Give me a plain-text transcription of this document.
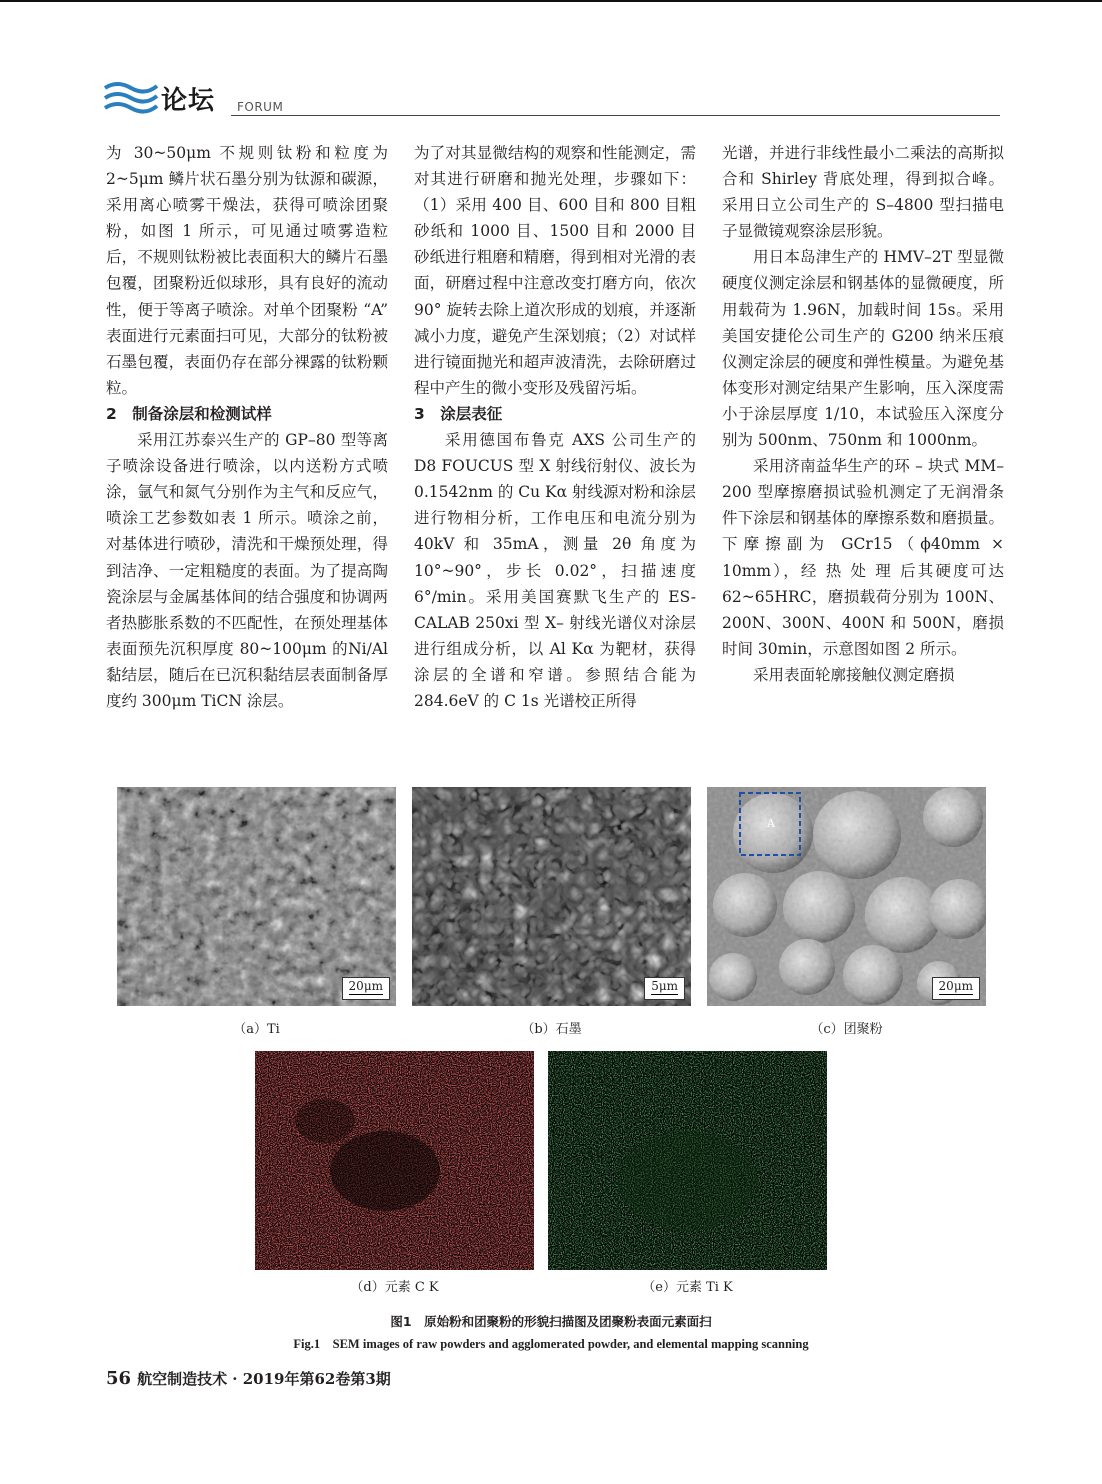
论坛 FORUM

为 30~50μm 不规则钛粉和粒度为2~5μm 鳞片状石墨分别为钛源和碳源，采用离心喷雾干燥法，获得可喷涂团聚粉，如图 1 所示，可见通过喷雾造粒后，不规则钛粉被比表面积大的鳞片石墨包覆，团聚粉近似球形，具有良好的流动性，便于等离子喷涂。对单个团聚粉 “A” 表面进行元素面扫可见，大部分的钛粉被石墨包覆，表面仍存在部分裸露的钛粉颗粒。

2　制备涂层和检测试样

采用江苏泰兴生产的 GP–80 型等离子喷涂设备进行喷涂，以内送粉方式喷涂，氩气和氮气分别作为主气和反应气，喷涂工艺参数如表 1 所示。喷涂之前，对基体进行喷砂，清洗和干燥预处理，得到洁净、一定粗糙度的表面。为了提高陶瓷涂层与金属基体间的结合强度和协调两者热膨胀系数的不匹配性，在预处理基体表面预先沉积厚度 80~100μm 的Ni/Al 黏结层，随后在已沉积黏结层表面制备厚度约 300μm TiCN 涂层。

为了对其显微结构的观察和性能测定，需对其进行研磨和抛光处理，步骤如下：（1）采用 400 目、600 目和 800 目粗砂纸和 1000 目、1500 目和 2000 目砂纸进行粗磨和精磨，得到相对光滑的表面，研磨过程中注意改变打磨方向，依次 90° 旋转去除上道次形成的划痕，并逐渐减小力度，避免产生深划痕；（2）对试样进行镜面抛光和超声波清洗，去除研磨过程中产生的微小变形及残留污垢。

3　涂层表征

采用德国布鲁克 AXS 公司生产的 D8 FOUCUS 型 X 射线衍射仪、波长为 0.1542nm 的 Cu Kα 射线源对粉和涂层进行物相分析，工作电压和电流分别为 40kV 和 35mA，测量 2θ 角度为 10°~90°，步长 0.02°，扫描速度 6°/min。采用美国赛默飞生产的 ES-CALAB 250xi 型 X– 射线光谱仪对涂层进行组成分析，以 Al Kα 为靶材，获得涂层的全谱和窄谱。参照结合能为 284.6eV 的 C 1s 光谱校正所得

光谱，并进行非线性最小二乘法的高斯拟合和 Shirley 背底处理，得到拟合峰。采用日立公司生产的 S–4800 型扫描电子显微镜观察涂层形貌。

用日本岛津生产的 HMV–2T 型显微硬度仪测定涂层和钢基体的显微硬度，所用载荷为 1.96N，加载时间 15s。采用美国安捷伦公司生产的 G200 纳米压痕仪测定涂层的硬度和弹性模量。为避免基体变形对测定结果产生影响，压入深度需小于涂层厚度 1/10，本试验压入深度分别为 500nm、750nm 和 1000nm。

采用济南益华生产的环 – 块式 MM–200 型摩擦磨损试验机测定了无润滑条件下涂层和钢基体的摩擦系数和磨损量。下摩擦副为 GCr15（ϕ40mm × 10mm），经 热 处 理 后其硬度可达 62~65HRC，磨损载荷分别为 100N、200N、300N、400N 和 500N，磨损时间 30min，示意图如图 2 所示。

采用表面轮廓接触仪测定磨损

20μm
（a）Ti
5μm
（b）石墨
A
20μm
（c）团聚粉
（d）元素 C K	（e）元素 Ti K
图1　原始粉和团聚粉的形貌扫描图及团聚粉表面元素面扫
Fig.1　SEM images of raw powders and agglomerated powder, and elemental mapping scanning
56 航空制造技术 · 2019年第62卷第3期
